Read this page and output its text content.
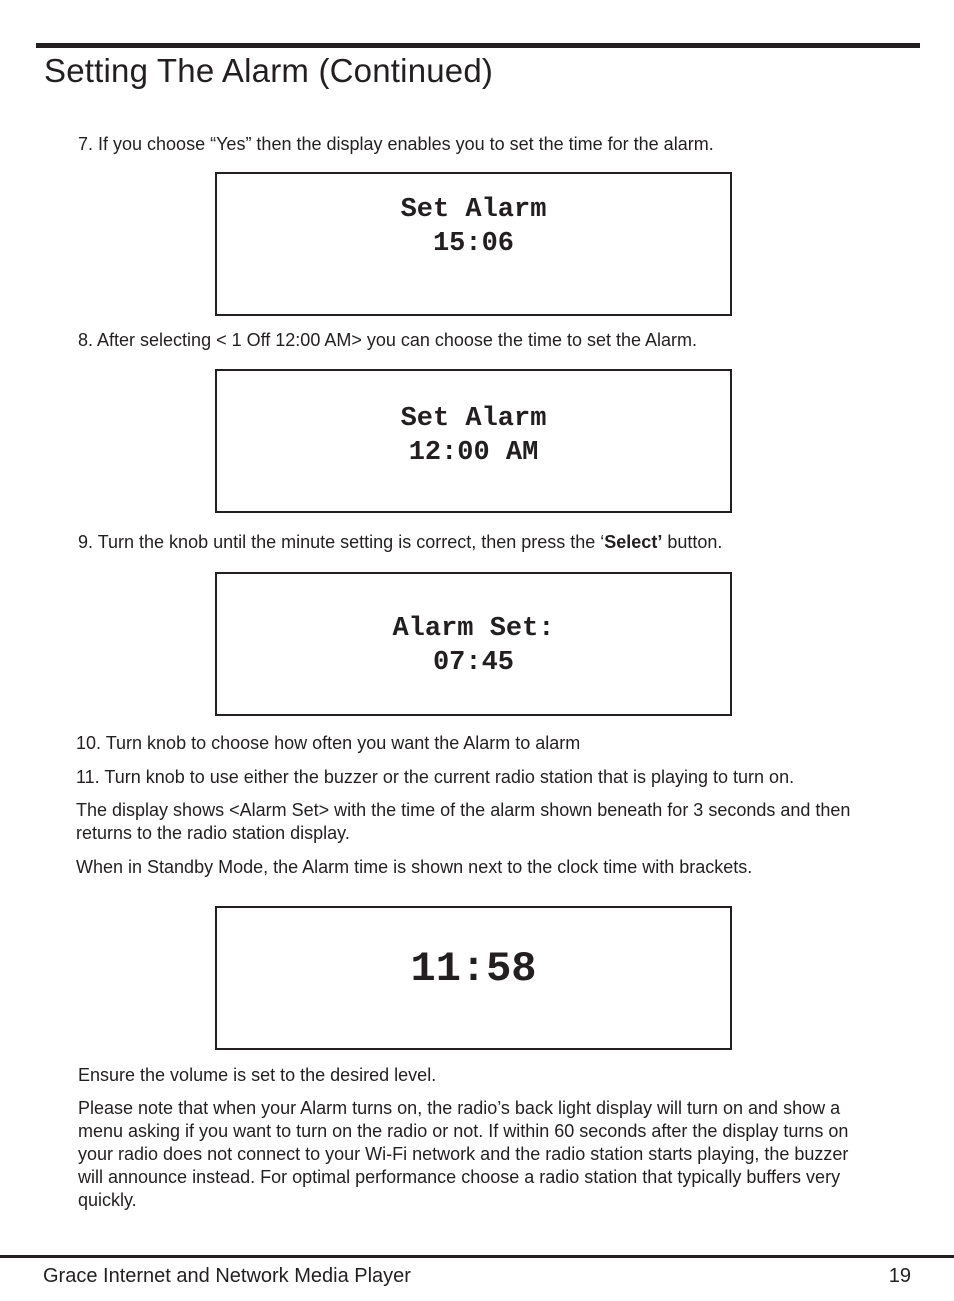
Setting The Alarm (Continued)

7. If you choose “Yes” then the display enables you to set the time for the alarm.

Set Alarm
15:06

8. After selecting < 1 Off 12:00 AM> you can choose the time to set the Alarm.

Set Alarm
12:00 AM

9. Turn the knob until the minute setting is correct, then press the ‘Select’ button.

Alarm Set:
07:45

10. Turn knob to choose how often you want the Alarm to alarm

11. Turn knob to use either the buzzer or the current radio station that is playing to turn on.

The display shows <Alarm Set> with the time of the alarm shown beneath for 3 seconds and then returns to the radio station display.

When in Standby Mode, the Alarm time is shown next to the clock time with brackets.

11:58

Ensure the volume is set to the desired level.

Please note that when your Alarm turns on, the radio’s back light display will turn on and show a menu asking if you want to turn on the radio or not. If within 60 seconds after the display turns on your radio does not connect to your Wi-Fi network and the radio station starts playing, the buzzer will announce instead. For optimal performance choose a radio station that typically buffers very quickly.

Grace Internet and Network Media Player	19
